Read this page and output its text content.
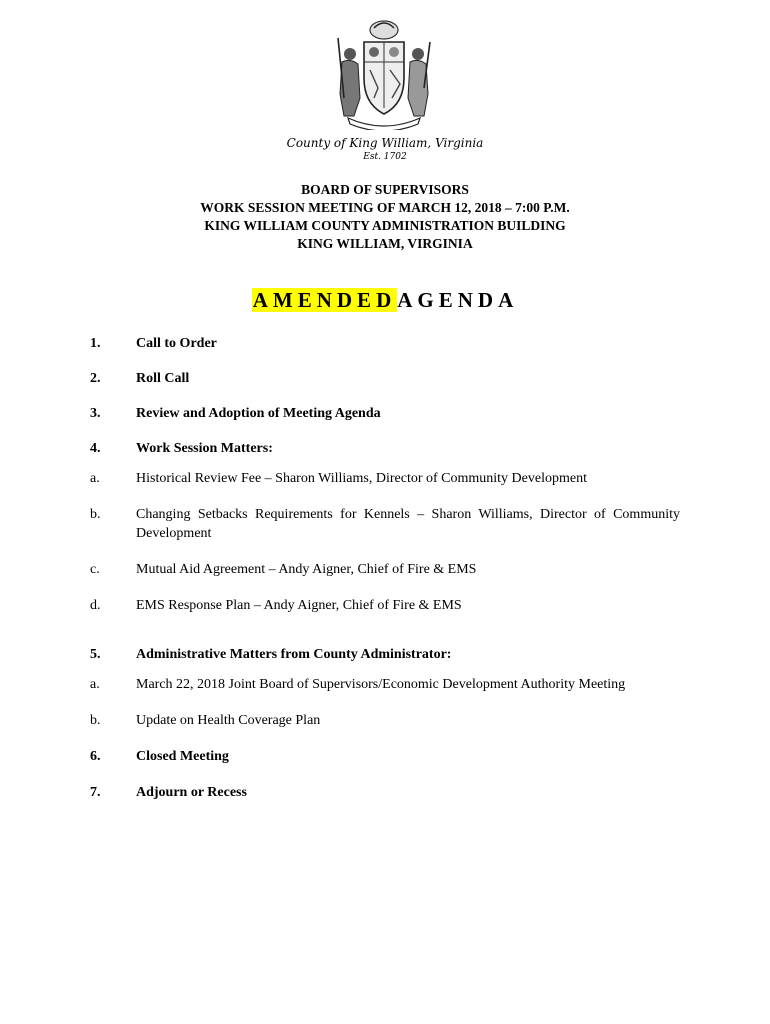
County of King William, Virginia
Est. 1702
BOARD OF SUPERVISORS
WORK SESSION MEETING OF MARCH 12, 2018 – 7:00 P.M.
KING WILLIAM COUNTY ADMINISTRATION BUILDING
KING WILLIAM, VIRGINIA
AMENDEDAGENDA
1.	Call to Order
2.	Roll Call
3.	Review and Adoption of Meeting Agenda
4.	Work Session Matters:
a.	Historical Review Fee – Sharon Williams, Director of Community Development
b.	Changing Setbacks Requirements for Kennels – Sharon Williams, Director of Community Development
c.	Mutual Aid Agreement – Andy Aigner, Chief of Fire & EMS
d.	EMS Response Plan – Andy Aigner, Chief of Fire & EMS
5.	Administrative Matters from County Administrator:
a.	March 22, 2018 Joint Board of Supervisors/Economic Development Authority Meeting
b.	Update on Health Coverage Plan
6.	Closed Meeting
7.	Adjourn or Recess
